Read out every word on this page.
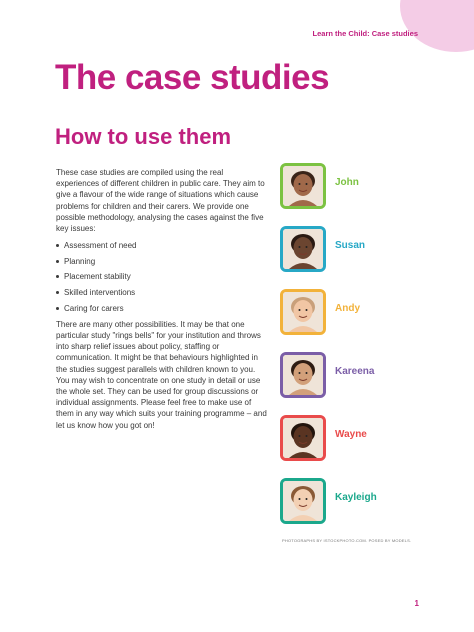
Learn the Child: Case studies
The case studies
How to use them

These case studies are compiled using the real experiences of different children in public care. They aim to give a flavour of the wide range of situations which cause problems for children and their carers. We provide one possible methodology, analysing the cases against the five key issues:

Assessment of need
Planning
Placement stability
Skilled interventions
Caring for carers

There are many other possibilities. It may be that one particular study "rings bells" for your institution and throws into sharp relief issues about policy, staffing or communication. It might be that behaviours highlighted in the studies suggest parallels with children known to you. You may wish to concentrate on one study in detail or use the whole set. They can be used for group discussions or individual assignments. Please feel free to make use of them in any way which suits your training programme – and let us know how you got on!

John
Susan
Andy
Kareena
Wayne
Kayleigh
PHOTOGRAPHS BY ISTOCKPHOTO.COM. POSED BY MODELS.
1
